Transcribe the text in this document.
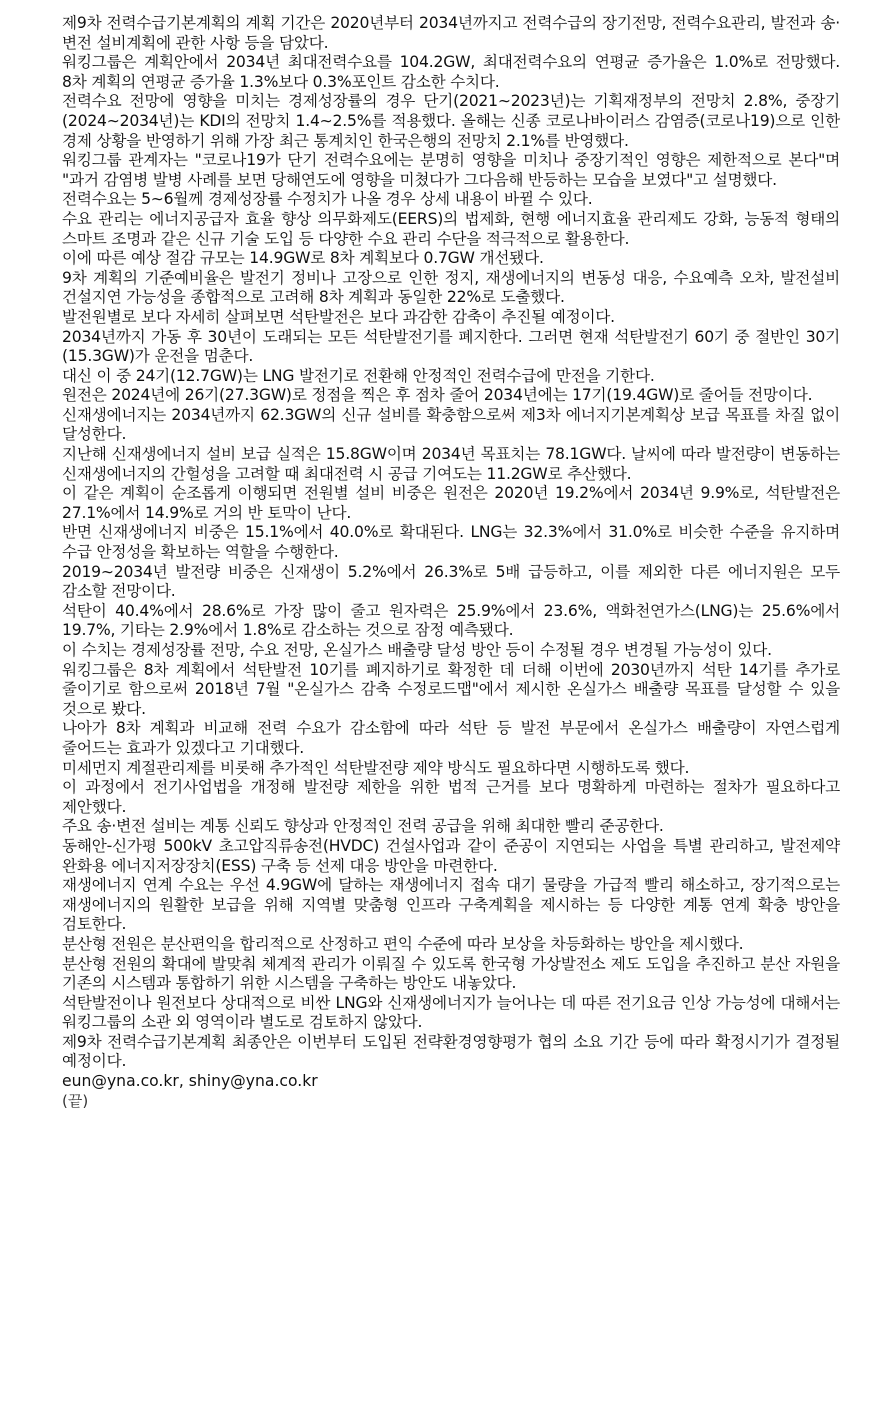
제9차 전력수급기본계획의 계획 기간은 2020년부터 2034년까지고 전력수급의 장기전망, 전력수요관리, 발전과 송·변전 설비계획에 관한 사항 등을 담았다.

워킹그룹은 계획안에서 2034년 최대전력수요를 104.2GW, 최대전력수요의 연평균 증가율은 1.0%로 전망했다. 8차 계획의 연평균 증가율 1.3%보다 0.3%포인트 감소한 수치다.

전력수요 전망에 영향을 미치는 경제성장률의 경우 단기(2021∼2023년)는 기획재정부의 전망치 2.8%, 중장기(2024∼2034년)는 KDI의 전망치 1.4∼2.5%를 적용했다. 올해는 신종 코로나바이러스 감염증(코로나19)으로 인한 경제 상황을 반영하기 위해 가장 최근 통계치인 한국은행의 전망치 2.1%를 반영했다.

워킹그룹 관계자는 "코로나19가 단기 전력수요에는 분명히 영향을 미치나 중장기적인 영향은 제한적으로 본다"며 "과거 감염병 발병 사례를 보면 당해연도에 영향을 미쳤다가 그다음해 반등하는 모습을 보였다"고 설명했다.

전력수요는 5∼6월께 경제성장률 수정치가 나올 경우 상세 내용이 바뀔 수 있다.

수요 관리는 에너지공급자 효율 향상 의무화제도(EERS)의 법제화, 현행 에너지효율 관리제도 강화, 능동적 형태의 스마트 조명과 같은 신규 기술 도입 등 다양한 수요 관리 수단을 적극적으로 활용한다.

이에 따른 예상 절감 규모는 14.9GW로 8차 계획보다 0.7GW 개선됐다.

9차 계획의 기준예비율은 발전기 정비나 고장으로 인한 정지, 재생에너지의 변동성 대응, 수요예측 오차, 발전설비 건설지연 가능성을 종합적으로 고려해 8차 계획과 동일한 22%로 도출했다.

발전원별로 보다 자세히 살펴보면 석탄발전은 보다 과감한 감축이 추진될 예정이다.

2034년까지 가동 후 30년이 도래되는 모든 석탄발전기를 폐지한다. 그러면 현재 석탄발전기 60기 중 절반인 30기(15.3GW)가 운전을 멈춘다.

대신 이 중 24기(12.7GW)는 LNG 발전기로 전환해 안정적인 전력수급에 만전을 기한다.

원전은 2024년에 26기(27.3GW)로 정점을 찍은 후 점차 줄어 2034년에는 17기(19.4GW)로 줄어들 전망이다.

신재생에너지는 2034년까지 62.3GW의 신규 설비를 확충함으로써 제3차 에너지기본계획상 보급 목표를 차질 없이 달성한다.

지난해 신재생에너지 설비 보급 실적은 15.8GW이며 2034년 목표치는 78.1GW다. 날씨에 따라 발전량이 변동하는 신재생에너지의 간헐성을 고려할 때 최대전력 시 공급 기여도는 11.2GW로 추산했다.

이 같은 계획이 순조롭게 이행되면 전원별 설비 비중은 원전은 2020년 19.2%에서 2034년 9.9%로, 석탄발전은 27.1%에서 14.9%로 거의 반 토막이 난다.

반면 신재생에너지 비중은 15.1%에서 40.0%로 확대된다. LNG는 32.3%에서 31.0%로 비슷한 수준을 유지하며 수급 안정성을 확보하는 역할을 수행한다.

2019∼2034년 발전량 비중은 신재생이 5.2%에서 26.3%로 5배 급등하고, 이를 제외한 다른 에너지원은 모두 감소할 전망이다.

석탄이 40.4%에서 28.6%로 가장 많이 줄고 원자력은 25.9%에서 23.6%, 액화천연가스(LNG)는 25.6%에서 19.7%, 기타는 2.9%에서 1.8%로 감소하는 것으로 잠정 예측됐다.

이 수치는 경제성장률 전망, 수요 전망, 온실가스 배출량 달성 방안 등이 수정될 경우 변경될 가능성이 있다.

워킹그룹은 8차 계획에서 석탄발전 10기를 폐지하기로 확정한 데 더해 이번에 2030년까지 석탄 14기를 추가로 줄이기로 함으로써 2018년 7월 "온실가스 감축 수정로드맵"에서 제시한 온실가스 배출량 목표를 달성할 수 있을 것으로 봤다.

나아가 8차 계획과 비교해 전력 수요가 감소함에 따라 석탄 등 발전 부문에서 온실가스 배출량이 자연스럽게 줄어드는 효과가 있겠다고 기대했다.

미세먼지 계절관리제를 비롯해 추가적인 석탄발전량 제약 방식도 필요하다면 시행하도록 했다.

이 과정에서 전기사업법을 개정해 발전량 제한을 위한 법적 근거를 보다 명확하게 마련하는 절차가 필요하다고 제안했다.

주요 송·변전 설비는 계통 신뢰도 향상과 안정적인 전력 공급을 위해 최대한 빨리 준공한다.

동해안-신가평 500kV 초고압직류송전(HVDC) 건설사업과 같이 준공이 지연되는 사업을 특별 관리하고, 발전제약 완화용 에너지저장장치(ESS) 구축 등 선제 대응 방안을 마련한다.

재생에너지 연계 수요는 우선 4.9GW에 달하는 재생에너지 접속 대기 물량을 가급적 빨리 해소하고, 장기적으로는 재생에너지의 원활한 보급을 위해 지역별 맞춤형 인프라 구축계획을 제시하는 등 다양한 계통 연계 확충 방안을 검토한다.

분산형 전원은 분산편익을 합리적으로 산정하고 편익 수준에 따라 보상을 차등화하는 방안을 제시했다.

분산형 전원의 확대에 발맞춰 체계적 관리가 이뤄질 수 있도록 한국형 가상발전소 제도 도입을 추진하고 분산 자원을 기존의 시스템과 통합하기 위한 시스템을 구축하는 방안도 내놓았다.

석탄발전이나 원전보다 상대적으로 비싼 LNG와 신재생에너지가 늘어나는 데 따른 전기요금 인상 가능성에 대해서는 워킹그룹의 소관 외 영역이라 별도로 검토하지 않았다.

제9차 전력수급기본계획 최종안은 이번부터 도입된 전략환경영향평가 협의 소요 기간 등에 따라 확정시기가 결정될 예정이다.

eun@yna.co.kr, shiny@yna.co.kr

(끝)
